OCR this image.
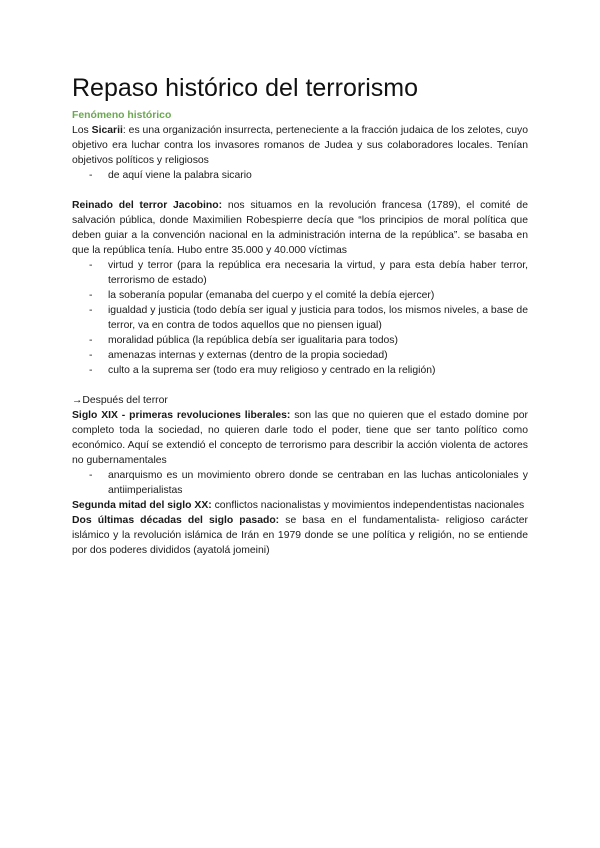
Repaso histórico del terrorismo
Fenómeno histórico

Los Sicarii: es una organización insurrecta, perteneciente a la fracción judaica de los zelotes, cuyo objetivo era luchar contra los invasores romanos de Judea y sus colaboradores locales. Tenían objetivos políticos y religiosos

- de aquí viene la palabra sicario

Reinado del terror Jacobino: nos situamos en la revolución francesa (1789), el comité de salvación pública, donde Maximilien Robespierre decía que “los principios de moral política que deben guiar a la convención nacional en la administración interna de la república”. se basaba en que la república tenía. Hubo entre 35.000 y 40.000 víctimas

- virtud y terror (para la república era necesaria la virtud, y para esta debía haber terror, terrorismo de estado)
- la soberanía popular (emanaba del cuerpo y el comité la debía ejercer)
- igualdad y justicia (todo debía ser igual y justicia para todos, los mismos niveles, a base de terror, va en contra de todos aquellos que no piensen igual)
- moralidad pública (la república debía ser igualitaria para todos)
- amenazas internas y externas (dentro de la propia sociedad)
- culto a la suprema ser (todo era muy religioso y centrado en la religión)

→Después del terror

Siglo XIX - primeras revoluciones liberales: son las que no quieren que el estado domine por completo toda la sociedad, no quieren darle todo el poder, tiene que ser tanto político como económico. Aquí se extendió el concepto de terrorismo para describir la acción violenta de actores no gubernamentales

- anarquismo es un movimiento obrero donde se centraban en las luchas anticoloniales y antiimperialistas

Segunda mitad del siglo XX: conflictos nacionalistas y movimientos independentistas nacionales

Dos últimas décadas del siglo pasado: se basa en el fundamentalista- religioso carácter islámico y la revolución islámica de Irán en 1979 donde se une política y religión, no se entiende por dos poderes divididos (ayatolá jomeini)
